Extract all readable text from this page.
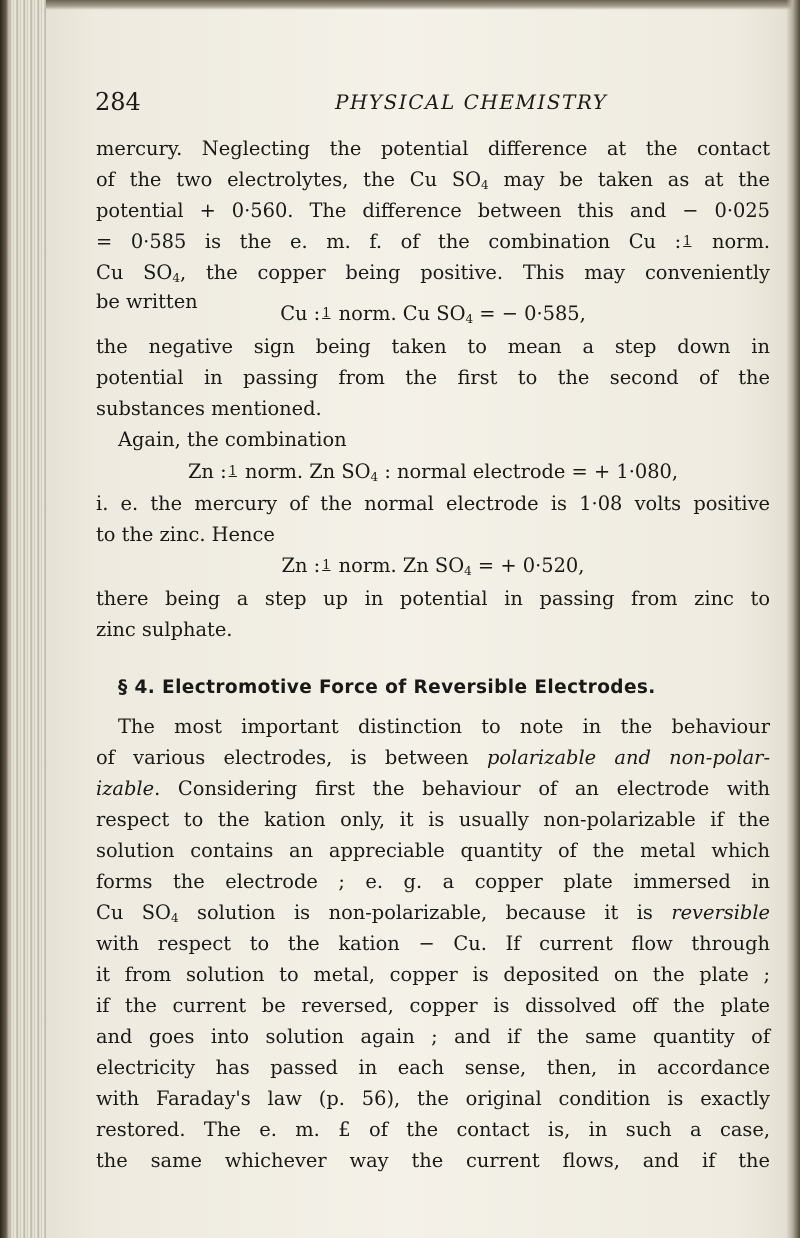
284	PHYSICAL CHEMISTRY
mercury. Neglecting the potential difference at the contact
of the two electrolytes, the Cu $SO_4$ may be taken as at the
potential + 0·560. The difference between this and − 0·025
= 0·585 is the e. m. f. of the combination Cu : 1 norm.
Cu $SO_4$, the copper being positive. This may conveniently
be written
Cu : 1 norm. Cu $SO_4$ = − 0·585,
the negative sign being taken to mean a step down in
potential in passing from the first to the second of the
substances mentioned.
Again, the combination
Zn : 1 norm. Zn $SO_4$ : normal electrode = + 1·080,
i. e. the mercury of the normal electrode is 1·08 volts positive
to the zinc. Hence
Zn : 1 norm. Zn $SO_4$ = + 0·520,
there being a step up in potential in passing from zinc to
zinc sulphate.
§ 4. Electromotive Force of Reversible Electrodes.
The most important distinction to note in the behaviour
of various electrodes, is between polarizable and non-polar-
izable. Considering first the behaviour of an electrode with
respect to the kation only, it is usually non-polarizable if the
solution contains an appreciable quantity of the metal which
forms the electrode ; e. g. a copper plate immersed in
Cu $SO_4$ solution is non-polarizable, because it is reversible
with respect to the kation − Cu. If current flow through
it from solution to metal, copper is deposited on the plate ;
if the current be reversed, copper is dissolved off the plate
and goes into solution again ; and if the same quantity of
electricity has passed in each sense, then, in accordance
with Faraday's law (p. 56), the original condition is exactly
restored. The e. m. £ of the contact is, in such a case,
the same whichever way the current flows, and if the
